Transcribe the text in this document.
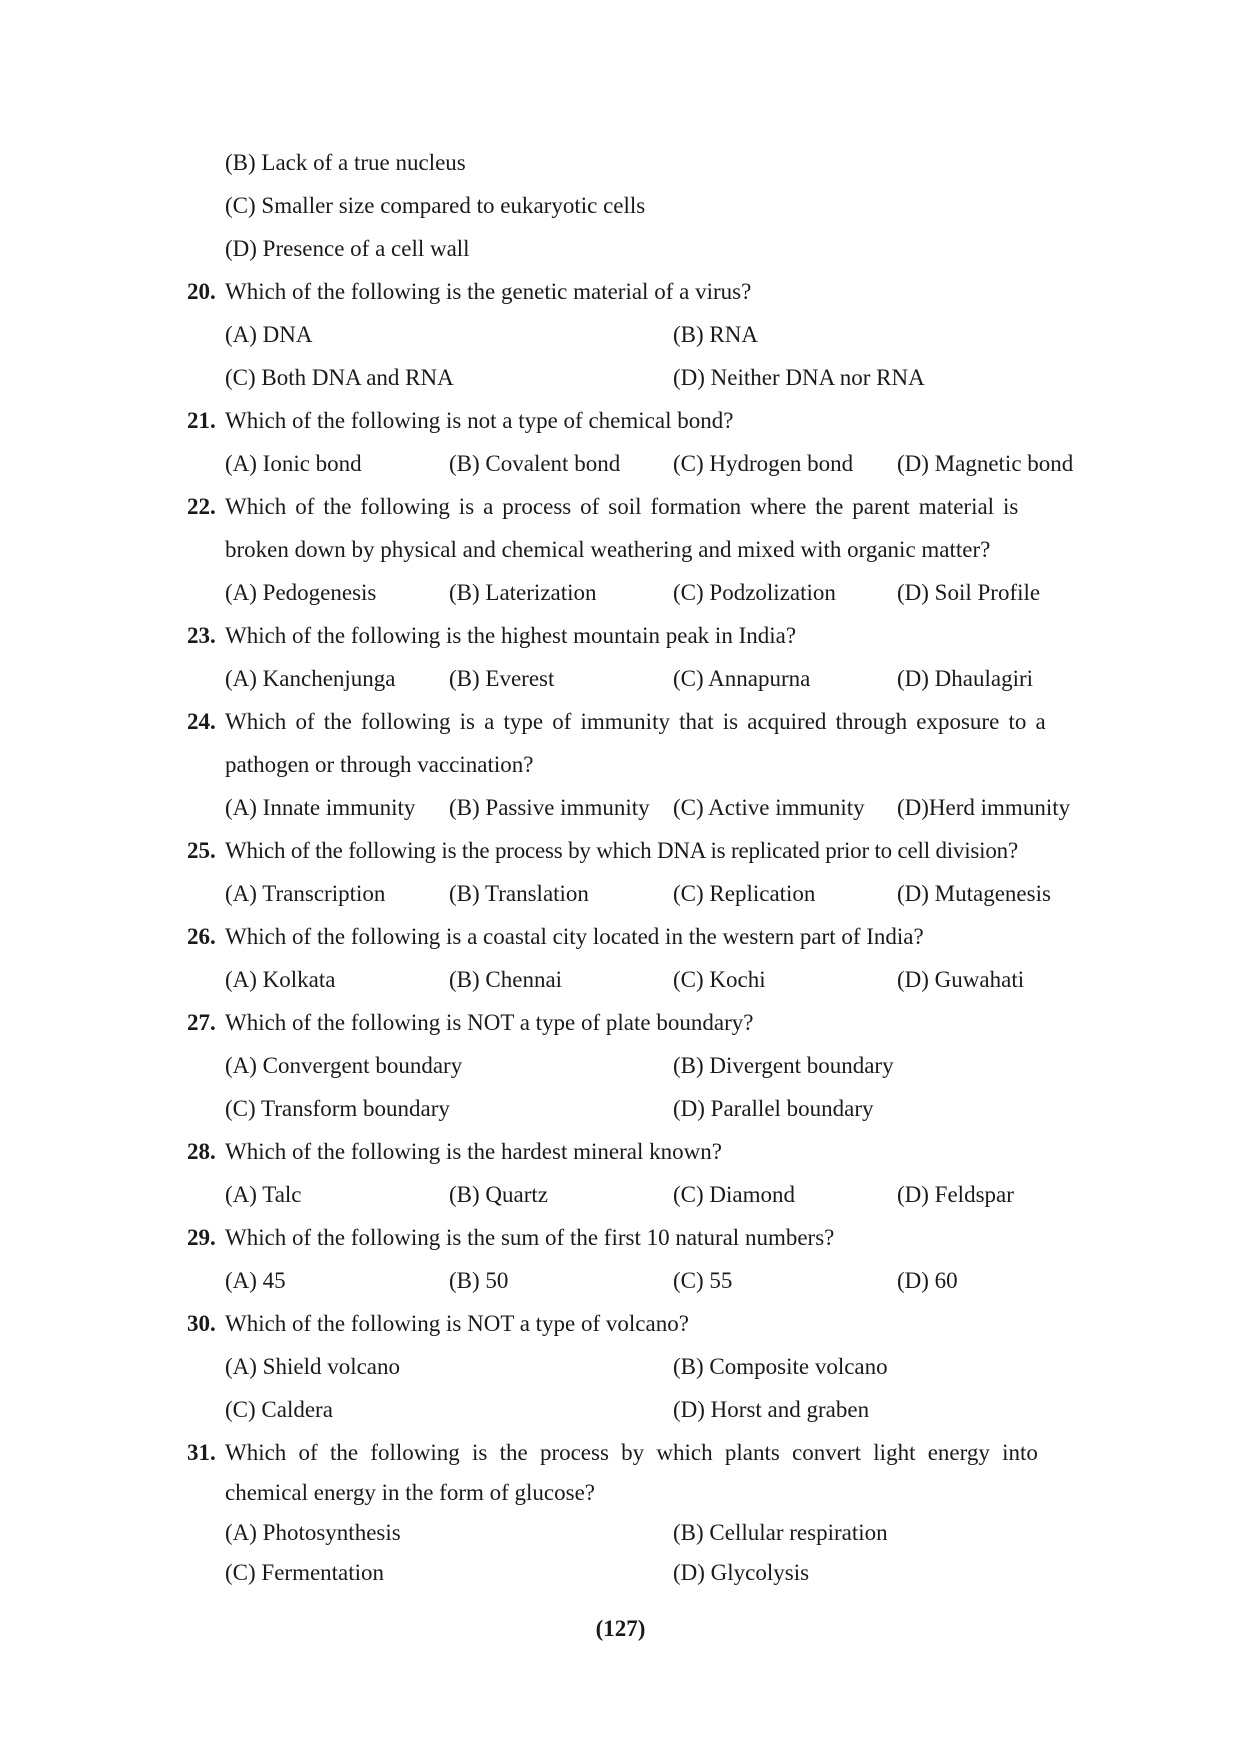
(B) Lack of a true nucleus
(C) Smaller size compared to eukaryotic cells
(D) Presence of a cell wall
20. Which of the following is the genetic material of a virus?
(A) DNA	(B) RNA
(C) Both DNA and RNA	(D) Neither DNA nor RNA
21. Which of the following is not a type of chemical bond?
(A) Ionic bond	(B) Covalent bond (C) Hydrogen bond (D) Magnetic bond
22. Which of the following is a process of soil formation where the parent material is
broken down by physical and chemical weathering and mixed with organic matter?
(A) Pedogenesis	(B) Laterization	(C) Podzolization	(D) Soil Profile
23. Which of the following is the highest mountain peak in India?
(A) Kanchenjunga (B) Everest	(C) Annapurna	(D) Dhaulagiri
24. Which of the following is a type of immunity that is acquired through exposure to a
pathogen or through vaccination?
(A) Innate immunity (B) Passive immunity (C) Active immunity (D)Herd immunity
25. Which of the following is the process by which DNA is replicated prior to cell division?
(A) Transcription	(B) Translation	(C) Replication	(D) Mutagenesis
26. Which of the following is a coastal city located in the western part of India?
(A) Kolkata	(B) Chennai	(C) Kochi	(D) Guwahati
27. Which of the following is NOT a type of plate boundary?
(A) Convergent boundary	(B) Divergent boundary
(C) Transform boundary	(D) Parallel boundary
28. Which of the following is the hardest mineral known?
(A) Talc	(B) Quartz	(C) Diamond	(D) Feldspar
29. Which of the following is the sum of the first 10 natural numbers?
(A) 45	(B) 50	(C) 55	(D) 60
30. Which of the following is NOT a type of volcano?
(A) Shield volcano	(B) Composite volcano
(C) Caldera	(D) Horst and graben
31. Which of the following is the process by which plants convert light energy into
chemical energy in the form of glucose?
(A) Photosynthesis	(B) Cellular respiration
(C) Fermentation	(D) Glycolysis
(127)
